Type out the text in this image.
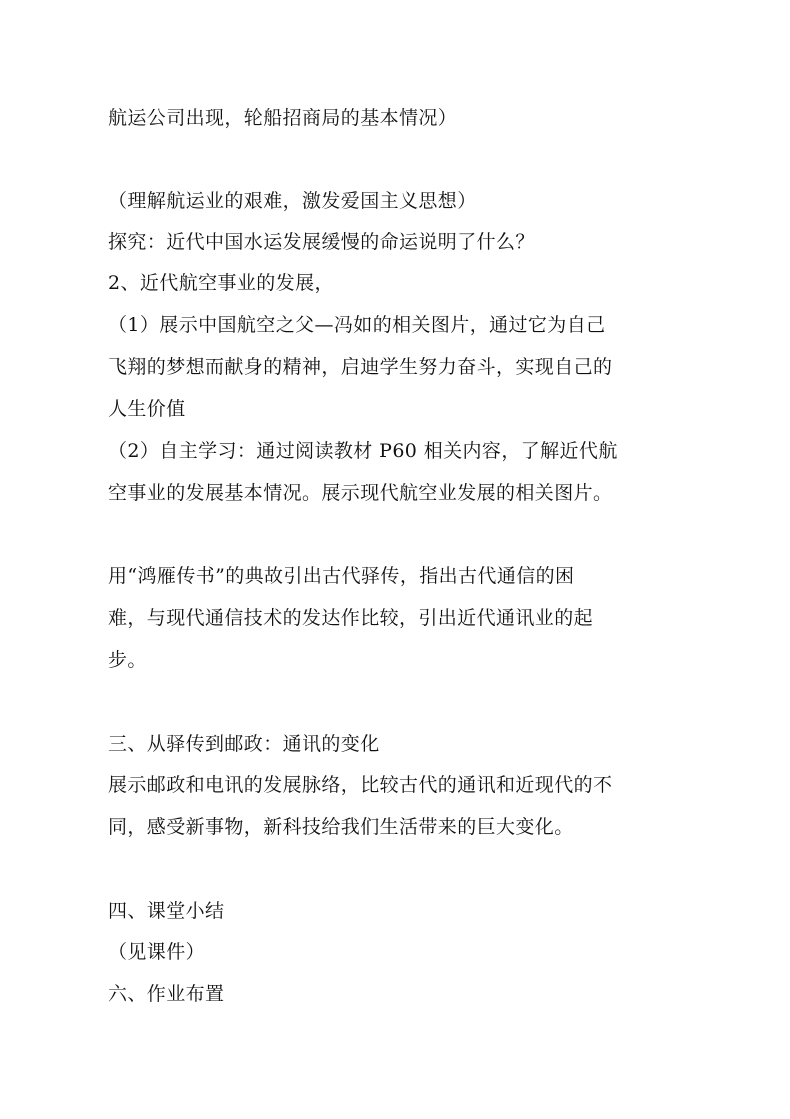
航运公司出现，轮船招商局的基本情况）
（理解航运业的艰难，激发爱国主义思想）
探究：近代中国水运发展缓慢的命运说明了什么？
2、近代航空事业的发展，
（1）展示中国航空之父—冯如的相关图片，通过它为自己
飞翔的梦想而献身的精神，启迪学生努力奋斗，实现自己的
人生价值
（2）自主学习：通过阅读教材 P60 相关内容，了解近代航
空事业的发展基本情况。展示现代航空业发展的相关图片。
用“鸿雁传书”的典故引出古代驿传，指出古代通信的困
难，与现代通信技术的发达作比较，引出近代通讯业的起
步。
三、从驿传到邮政：通讯的变化
展示邮政和电讯的发展脉络，比较古代的通讯和近现代的不
同，感受新事物，新科技给我们生活带来的巨大变化。
四、课堂小结
（见课件）
六、作业布置
